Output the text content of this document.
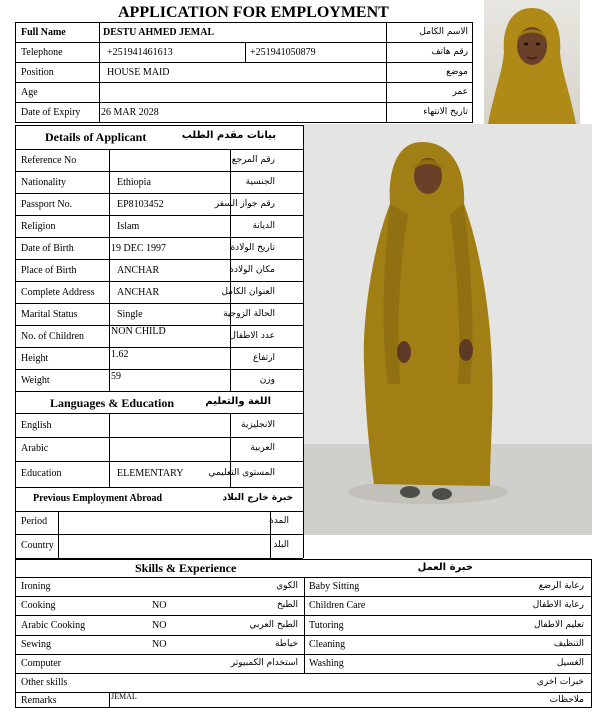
APPLICATION FOR EMPLOYMENT
Full Name	DESTU AHMED JEMAL	الاسم الكامل
Telephone	+251941461613	+251941050879	رقم هاتف
Position	HOUSE MAID	موضع
Age	عمر
Date of Expiry 26 MAR 2028	تاريخ الانتهاء
Details of Applicant	بيانات مقدم الطلب
Reference No	رقم المرجع
Nationality	Ethiopia	الجنسية
Passport No.	EP8103452	رقم جواز السفر
Religion	Islam	الديانة
Date of Birth	19 DEC 1997	تاريخ الولادة
Place of Birth	ANCHAR	مكان الولادة
Complete Address ANCHAR	العنوان الكامل
Marital Status	Single	الحالة الزوجية
No. of Children	NON CHILD	عدد الاطفال
Height	1.62	ارتفاع
Weight	59	وزن
Languages & Education	اللغة والتعليم
English	الانجليزية
Arabic	العربية
Education	ELEMENTARY	المستوى التعليمي
Previous Employment Abroad	خبرة خارج البلاد
Period	المدة
Country	البلد
Skills & Experience	خبرة العمل
Ironing	الكوي Baby Sitting	رعاية الرضع
Cooking	NO	الطبخ Children Care	رعاية الاطفال
Arabic Cooking	NO	الطبخ العربي Tutoring	تعليم الاطفال
Sewing	NO	خياطة Cleaning	التنظيف
Computer	استخدام الكمبيوتر Washing	الغسيل
Other skills	خبرات اخرى
Remarks	JEMAL	ملاحظات
